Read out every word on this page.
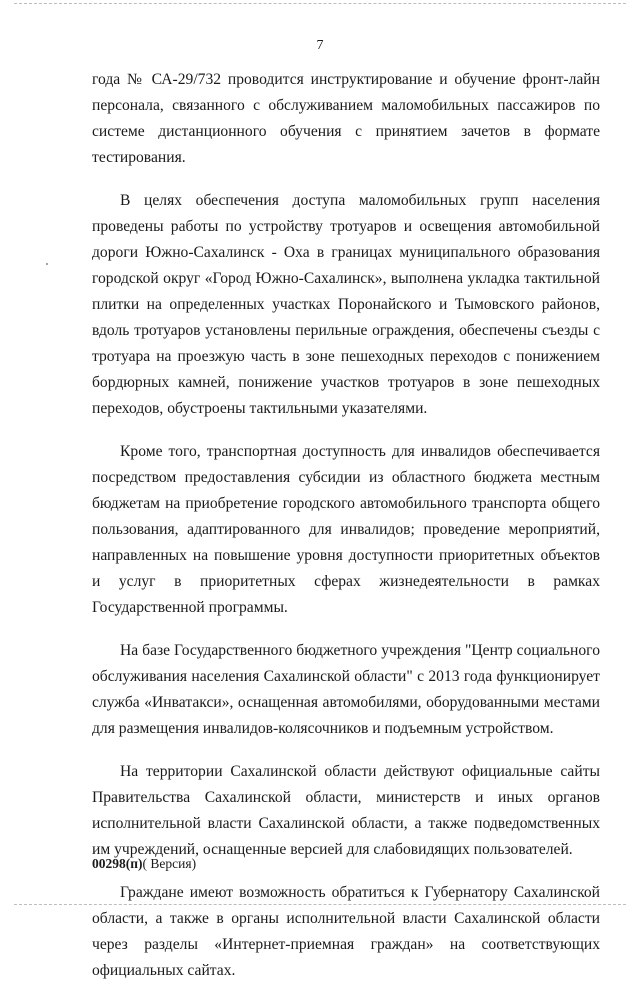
7

года № СА-29/732 проводится инструктирование и обучение фронт-лайн персонала, связанного с обслуживанием маломобильных пассажиров по системе дистанционного обучения с принятием зачетов в формате тестирования.

В целях обеспечения доступа маломобильных групп населения проведены работы по устройству тротуаров и освещения автомобильной дороги Южно-Сахалинск - Оха в границах муниципального образования городской округ «Город Южно-Сахалинск», выполнена укладка тактильной плитки на определенных участках Поронайского и Тымовского районов, вдоль тротуаров установлены перильные ограждения, обеспечены съезды с тротуара на проезжую часть в зоне пешеходных переходов с понижением бордюрных камней, понижение участков тротуаров в зоне пешеходных переходов, обустроены тактильными указателями.

Кроме того, транспортная доступность для инвалидов обеспечивается посредством предоставления субсидии из областного бюджета местным бюджетам на приобретение городского автомобильного транспорта общего пользования, адаптированного для инвалидов; проведение мероприятий, направленных на повышение уровня доступности приоритетных объектов и услуг в приоритетных сферах жизнедеятельности в рамках Государственной программы.

На базе Государственного бюджетного учреждения "Центр социального обслуживания населения Сахалинской области" с 2013 года функционирует служба «Инватакси», оснащенная автомобилями, оборудованными местами для размещения инвалидов-колясочников и подъемным устройством.

На территории Сахалинской области действуют официальные сайты Правительства Сахалинской области, министерств и иных органов исполнительной власти Сахалинской области, а также подведомственных им учреждений, оснащенные версией для слабовидящих пользователей.

Граждане имеют возможность обратиться к Губернатору Сахалинской области, а также в органы исполнительной власти Сахалинской области через разделы «Интернет-приемная граждан» на соответствующих официальных сайтах.

00298(п)( Версия)
